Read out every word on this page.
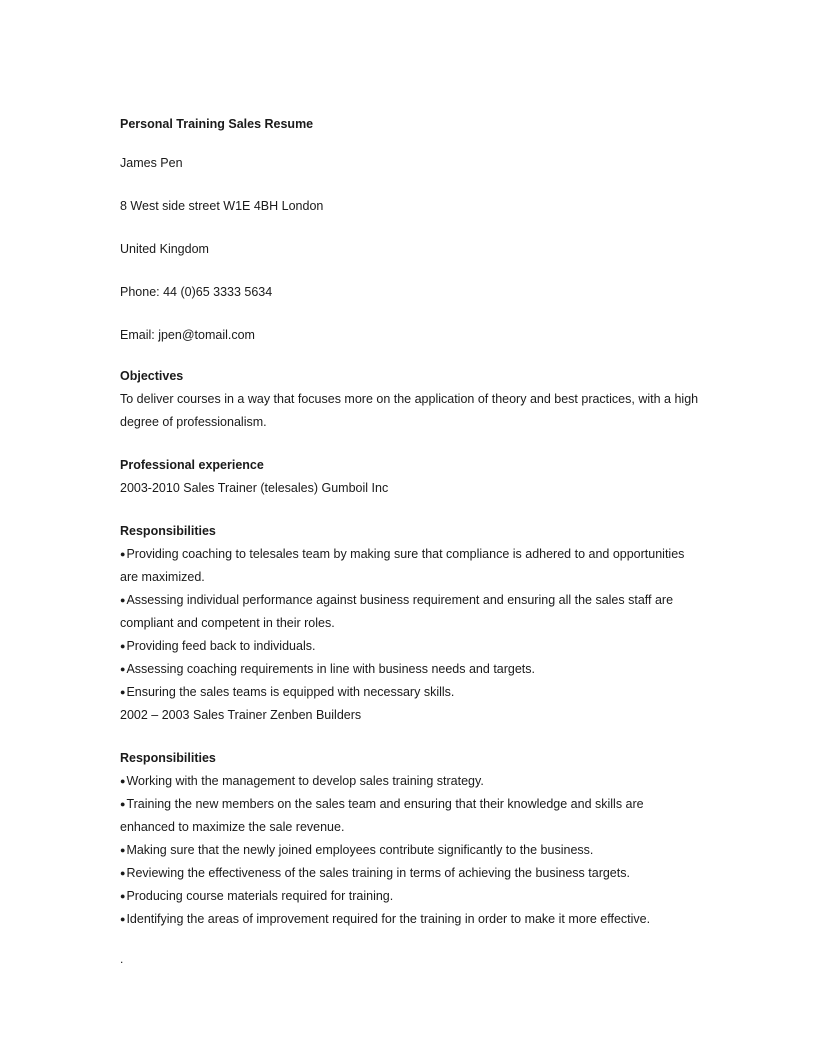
Personal Training Sales Resume
James Pen
8 West side street W1E 4BH London
United Kingdom
Phone: 44 (0)65 3333 5634
Email: jpen@tomail.com
Objectives
To deliver courses in a way that focuses more on the application of theory and best practices, with a high degree of professionalism.
Professional experience
2003-2010 Sales Trainer (telesales) Gumboil Inc
Responsibilities
●Providing coaching to telesales team by making sure that compliance is adhered to and opportunities are maximized.
●Assessing individual performance against business requirement and ensuring all the sales staff are compliant and competent in their roles.
●Providing feed back to individuals.
●Assessing coaching requirements in line with business needs and targets.
●Ensuring the sales teams is equipped with necessary skills.
2002 – 2003 Sales Trainer Zenben Builders
Responsibilities
●Working with the management to develop sales training strategy.
●Training the new members on the sales team and ensuring that their knowledge and skills are enhanced to maximize the sale revenue.
●Making sure that the newly joined employees contribute significantly to the business.
●Reviewing the effectiveness of the sales training in terms of achieving the business targets.
●Producing course materials required for training.
●Identifying the areas of improvement required for the training in order to make it more effective.
.
